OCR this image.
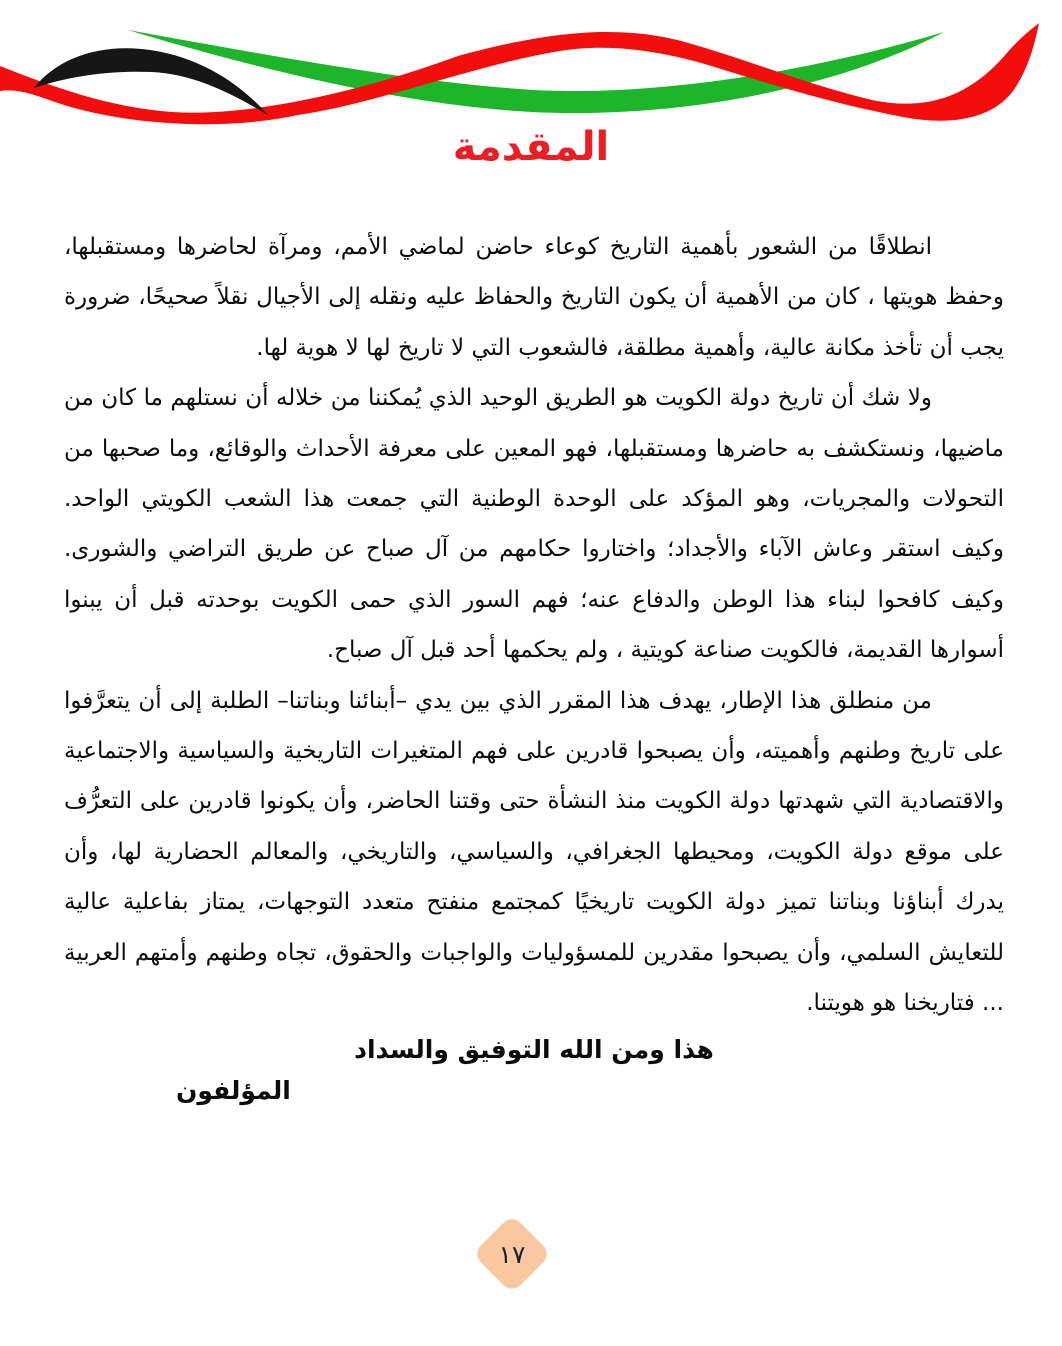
المقدمة

انطلاقًا من الشعور بأهمية التاريخ كوعاء حاضن لماضي الأمم، ومرآة لحاضرها ومستقبلها، وحفظ هويتها ، كان من الأهمية أن يكون التاريخ والحفاظ عليه ونقله إلى الأجيال نقلاً صحيحًا، ضرورة يجب أن تأخذ مكانة عالية، وأهمية مطلقة، فالشعوب التي لا تاريخ لها لا هوية لها.

ولا شك أن تاريخ دولة الكويت هو الطريق الوحيد الذي يُمكننا من خلاله أن نستلهم ما كان من ماضيها، ونستكشف به حاضرها ومستقبلها، فهو المعين على معرفة الأحداث والوقائع، وما صحبها من التحولات والمجريات، وهو المؤكد على الوحدة الوطنية التي جمعت هذا الشعب الكويتي الواحد. وكيف استقر وعاش الآباء والأجداد؛ واختاروا حكامهم من آل صباح عن طريق التراضي والشورى. وكيف كافحوا لبناء هذا الوطن والدفاع عنه؛ فهم السور الذي حمى الكويت بوحدته قبل أن يبنوا أسوارها القديمة، فالكويت صناعة كويتية ، ولم يحكمها أحد قبل آل صباح.

من منطلق هذا الإطار، يهدف هذا المقرر الذي بين يدي –أبنائنا وبناتنا– الطلبة إلى أن يتعرَّفوا على تاريخ وطنهم وأهميته، وأن يصبحوا قادرين على فهم المتغيرات التاريخية والسياسية والاجتماعية والاقتصادية التي شهدتها دولة الكويت منذ النشأة حتى وقتنا الحاضر، وأن يكونوا قادرين على التعرُّف على موقع دولة الكويت، ومحيطها الجغرافي، والسياسي، والتاريخي، والمعالم الحضارية لها، وأن يدرك أبناؤنا وبناتنا تميز دولة الكويت تاريخيًا كمجتمع منفتح متعدد التوجهات، يمتاز بفاعلية عالية للتعايش السلمي، وأن يصبحوا مقدرين للمسؤوليات والواجبات والحقوق، تجاه وطنهم وأمتهم العربية ... فتاريخنا هو هويتنا.

هذا ومن الله التوفيق والسداد
المؤلفون
١٧
